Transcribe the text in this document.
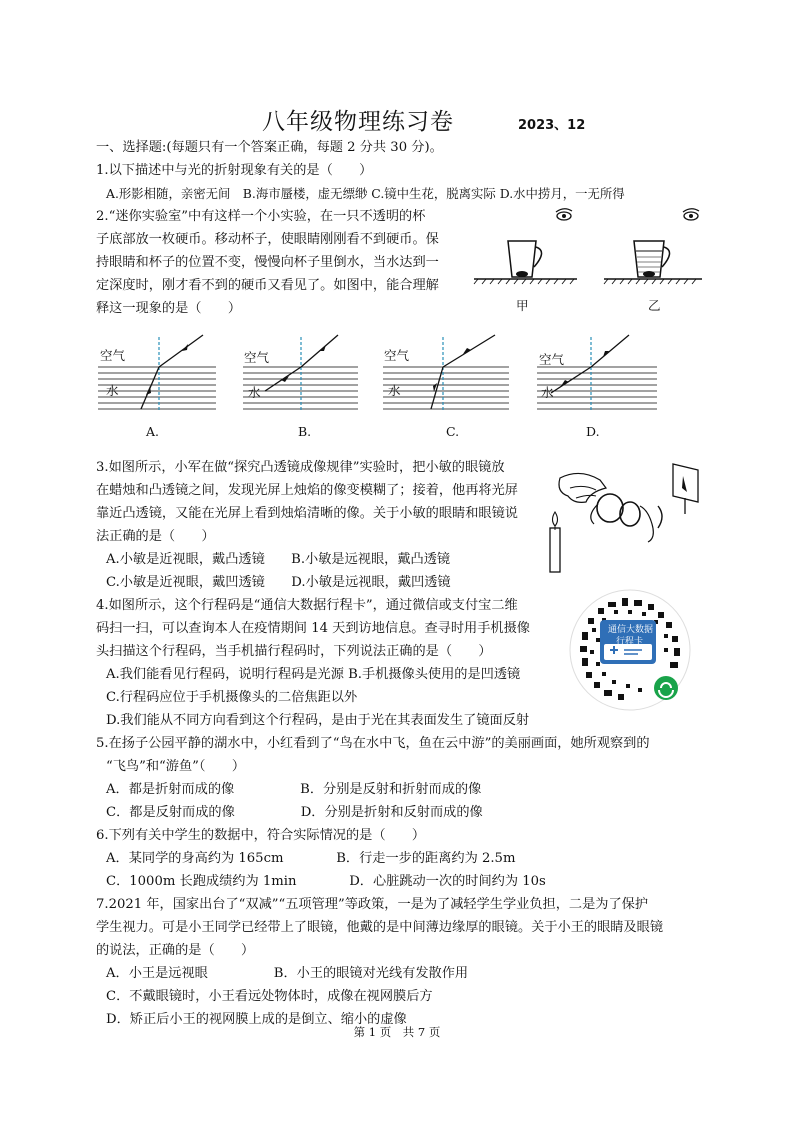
八年级物理练习卷	2023、12
一、选择题:(每题只有一个答案正确，每题 2 分共 30 分)。
1.以下描述中与光的折射现象有关的是（　　）
A.形影相随，亲密无间　B.海市蜃楼，虚无缥缈 C.镜中生花，脱离实际 D.水中捞月，一无所得
2.“迷你实验室”中有这样一个小实验，在一只不透明的杯
子底部放一枚硬币。移动杯子，使眼睛刚刚看不到硬币。保
持眼睛和杯子的位置不变，慢慢向杯子里倒水，当水达到一
定深度时，刚才看不到的硬币又看见了。如图中，能合理解
释这一现象的是（　　）	甲	乙
空气
水
空气
水
空气
水
空气
水
A.	B.	C.	D.
3.如图所示，小军在做“探究凸透镜成像规律”实验时，把小敏的眼镜放
在蜡烛和凸透镜之间，发现光屏上烛焰的像变模糊了；接着，他再将光屏
靠近凸透镜，又能在光屏上看到烛焰清晰的像。关于小敏的眼睛和眼镜说
法正确的是（　　）
A.小敏是近视眼，戴凸透镜　　B.小敏是远视眼，戴凸透镜
C.小敏是近视眼，戴凹透镜　　D.小敏是远视眼，戴凹透镜
4.如图所示，这个行程码是“通信大数据行程卡”，通过微信或支付宝二维
码扫一扫，可以查询本人在疫情期间 14 天到访地信息。查寻时用手机摄像
头扫描这个行程码，当手机描行程码时，下列说法正确的是（　　）
A.我们能看见行程码，说明行程码是光源 B.手机摄像头使用的是凹透镜
C.行程码应位于手机摄像头的二倍焦距以外
D.我们能从不同方向看到这个行程码，是由于光在其表面发生了镜面反射
通信大数据
行程卡
5.在扬子公园平静的湖水中，小红看到了“鸟在水中飞，鱼在云中游”的美丽画面，她所观察到的
“飞鸟”和“游鱼”（　　）
A．都是折射而成的像　　　　　B．分别是反射和折射而成的像
C．都是反射而成的像　　　　　D．分别是折射和反射而成的像
6.下列有关中学生的数据中，符合实际情况的是（　　）
A．某同学的身高约为 165cm　　　　B．行走一步的距离约为 2.5m
C．1000m 长跑成绩约为 1min　　　　D．心脏跳动一次的时间约为 10s
7.2021 年，国家出台了“双减”“五项管理”等政策，一是为了减轻学生学业负担，二是为了保护
学生视力。可是小王同学已经带上了眼镜，他戴的是中间薄边缘厚的眼镜。关于小王的眼睛及眼镜
的说法，正确的是（　　）
A．小王是远视眼　　　　　B．小王的眼镜对光线有发散作用
C．不戴眼镜时，小王看远处物体时，成像在视网膜后方
D．矫正后小王的视网膜上成的是倒立、缩小的虚像
第 1 页　共 7 页
